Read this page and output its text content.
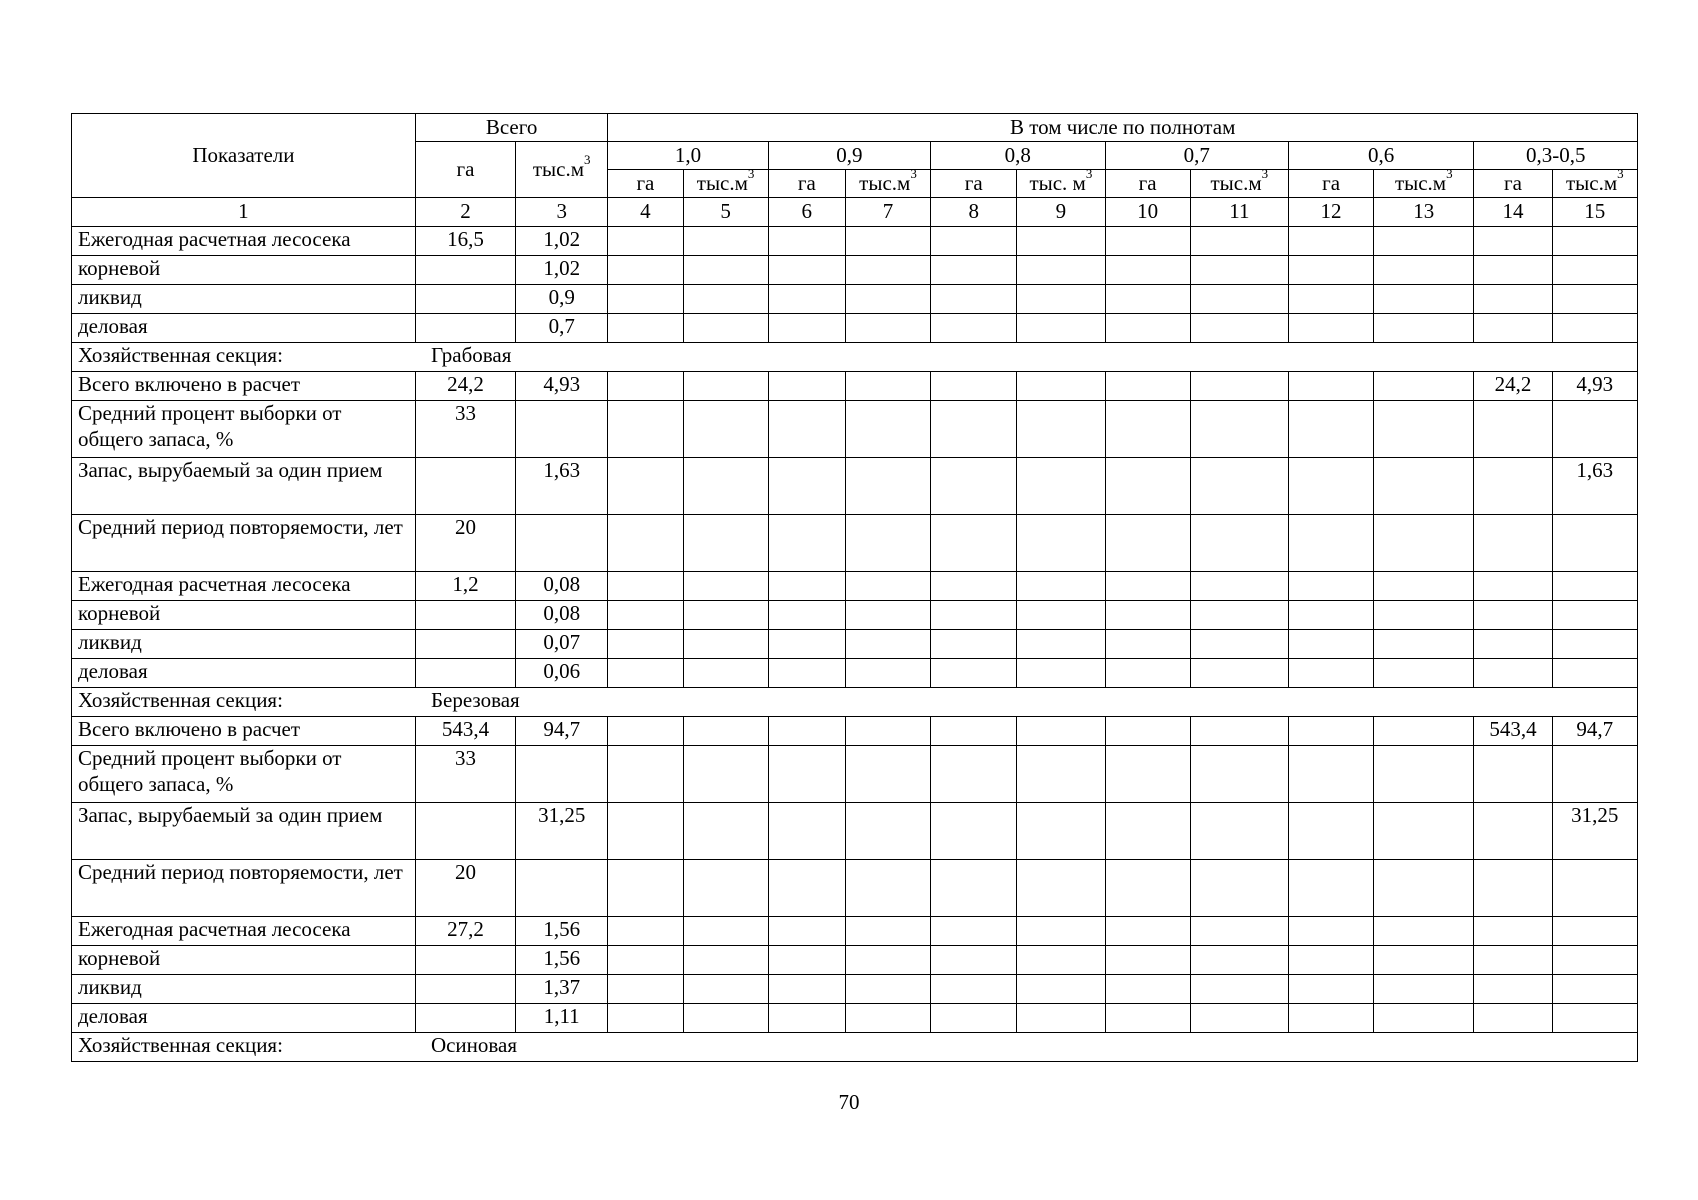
Показатели	Всего		В том числе по полнотам											
	га	$тыс.м^3$	1,0		0,9		0,8		0,7		0,6		0,3-0,5	
			га	$тыс.м^3$	га	$тыс.м^3$	га	тыс. $м^3$	га	$тыс.м^3$	га	$тыс.м^3$	га	$тыс.м^3$
1	2	3	4	5	6	7	8	9	10	11	12	13	14	15
Ежегодная расчетная лесосека	16,5	1,02												
корневой		1,02												
ликвид		0,9												
деловая		0,7												
Хозяйственная секция: Грабовая														
Всего включено в расчет	24,2	4,93											24,2	4,93
Средний процент выборки от общего запаса, %	33													
Запас, вырубаемый за один прием		1,63												1,63
Средний период повторяемости, лет	20													
Ежегодная расчетная лесосека	1,2	0,08												
корневой		0,08												
ликвид		0,07												
деловая		0,06												
Хозяйственная секция: Березовая														
Всего включено в расчет	543,4	94,7											543,4	94,7
Средний процент выборки от общего запаса, %	33													
Запас, вырубаемый за один прием		31,25												31,25
Средний период повторяемости, лет	20													
Ежегодная расчетная лесосека	27,2	1,56												
корневой		1,56												
ликвид		1,37												
деловая		1,11												
Хозяйственная секция: Осиновая														
70
